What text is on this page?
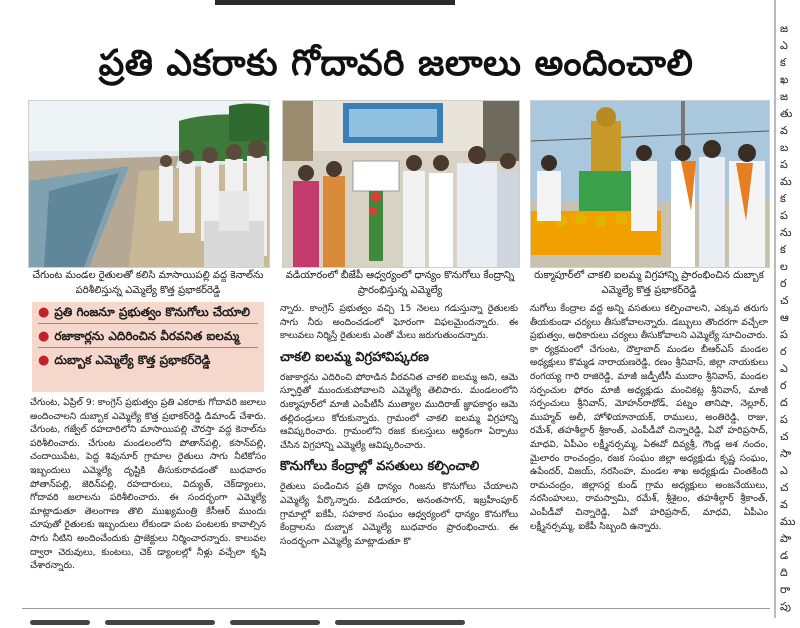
ప్రతి ఎకరాకు గోదావరి జలాలు అందించాలి
చేగుంట మండల రైతులతో కలిసి మాసాయిపల్లి వద్ద కెనాల్‌ను పరిశీలిస్తున్న ఎమ్మెల్యే కొత్త ప్రభాకర్‌రెడ్డి
వడియారంలో బీజేపీ ఆధ్వర్యంలో ధాన్యం కొనుగోలు కేంద్రాన్ని ప్రారంభిస్తున్న ఎమ్మెల్యే
రుక్మాపూర్‌లో చాకలి ఐలమ్మ విగ్రహాన్ని ప్రారంభించిన దుబ్బాక ఎమ్మెల్యే కొత్త ప్రభాకర్‌రెడ్డి
● ప్రతి గింజనూ ప్రభుత్వం కొనుగోలు చేయాలి
● రజాకార్లను ఎదిరించిన వీరవనిత ఐలమ్మ
● దుబ్బాక ఎమ్మెల్యే కొత్త ప్రభాకర్‌రెడ్డి

చేగుంట, ఏప్రిల్‌ 9: కాంగ్రెస్‌ ప్రభుత్వం ప్రతి ఎకరాకు గోదావరి జలాలు అందించాలని దుబ్బాక ఎమ్మెల్యే కొత్త ప్రభాకర్‌రెడ్డి డిమాండ్‌ చేశారు. చేగుంట, గజ్వేల్‌ రహదారిలోని మాసాయిపల్లి చౌరస్తా వద్ద కెనాల్‌ను పరిశీలించారు. చేగుంట మండలంలోని పోతాన్‌పల్లి, కసాన్‌పల్లి, చందాయిపేట, పెద్ద శివునూర్‌ గ్రామాల రైతులు సాగు నీటికోసం ఇబ్బందులు ఎమ్మెల్యే దృష్టికి తీసుకురావడంతో బుధవారం పోతాన్‌పల్లి, జెరిన్‌పల్లి, రహదారులు, విద్యుత్‌, చెక్‌డ్యాంలు, గోదావరి జలాలను పరిశీలించారు. ఈ సందర్భంగా ఎమ్మెల్యే మాట్లాడుతూ తెలంగాణ తొలి ముఖ్యమంత్రి కేసీఆర్‌ ముందు చూపుతో రైతులకు ఇబ్బందులు లేకుండా పంట పంటలకు కావాల్సిన సాగు నీటిని అందించేందుకు ప్రాజెక్టులు నిర్మించారన్నారు. కాలువల ద్వారా చెరువులు, కుంటలు, చెక్‌ డ్యాంలల్లో నీళ్లు వచ్చేలా కృషి చేశారన్నారు.

న్నారు. కాంగ్రెస్‌ ప్రభుత్వం వచ్చి 15 నెలలు గడుస్తున్నా రైతులకు సాగు నీరు అందించడంలో ఘోరంగా విఫలమైందన్నారు. ఈ కాలువలు నిర్మిస్తే రైతులకు ఎంతో మేలు జరుగుతుందన్నారు.

చాకలి ఐలమ్మ విగ్రహావిష్కరణ

రజాకార్లను ఎదిరించి పోరాడిన వీరవనిత చాకలి ఐలమ్మ అని, ఆమె స్ఫూర్తితో ముందుకుపోవాలని ఎమ్మెల్యే తెలిపారు. మండలంలోని రుక్మాపూర్‌లో మాజీ ఎంపీటీసీ ముత్యాల ముదిరాజ్‌ జ్ఞాపకార్థం ఆమె తల్లిదండ్రులు కోరుకున్నారు. గ్రామంలో చాకలి ఐలమ్మ విగ్రహాన్ని ఆవిష్కరించారు. గ్రామంలోని రజక కులస్తులు ఆర్థికంగా ఏర్పాటు చేసిన విగ్రహాన్ని ఎమ్మెల్యే ఆవిష్కరించారు.

కొనుగోలు కేంద్రాల్లో వసతులు కల్పించాలి

రైతులు పండించిన ప్రతి ధాన్యం గింజను కొనుగోలు చేయాలని ఎమ్మెల్యే పేర్కొన్నారు. వడియారం, అనంతసాగర్‌, ఇబ్రహీంపూర్‌ గ్రామాల్లో ఐకేపీ, సహకార సంఘం ఆధ్వర్యంలో ధాన్యం కొనుగోలు కేంద్రాలను దుబ్బాక ఎమ్మెల్యే బుధవారం ప్రారంభించారు. ఈ సందర్భంగా ఎమ్మెల్యే మాట్లాడుతూ కొ

నుగోలు కేంద్రాల వద్ద అన్ని వసతులు కల్పించాలని, ఎక్కువ తరుగు తీయకుండా చర్యలు తీసుకోవాలన్నారు. డబ్బులు తొందరగా వచ్చేలా ప్రభుత్వం, అధికారులు చర్యలు తీసుకోవాలని ఎమ్మెల్యే సూచించారు. కా ర్యక్రమంలో చేగుంట, దౌల్తాబాద్‌ మండల బీఆర్‌ఎస్‌ మండల అధ్యక్షులు కొమ్మడ నారాయణరెడ్డి, రణం శ్రీనివాస్‌, జిల్లా నాయకులు రంగయ్య గారి రాజిరెడ్డి, మాజీ జడ్పీటీసీ ముదాం శ్రీనివాస్‌, మండల సర్పంచుల ఫోరం మాజీ అధ్యక్షుడు మంచికట్ల శ్రీనివాస్‌, మాజీ సర్పంచులు శ్రీనివాస్‌, మోహన్‌రాథోడ్‌, పట్నం తానిషా, నెల్లూర్‌, ముహ్మద్‌ అలీ, హోళియానాయక్‌, రాములు, అంతిరెడ్డి, రాజు, రమేశ్‌, తహశీల్దార్‌ శ్రీకాంత్‌, ఎంపీడీవో చిన్నారెడ్డి, ఏవో హరిప్రసాద్‌, మాధవి, ఏపీఎం లక్ష్మీనర్సమ్మ, ఏఈవో దివ్యశ్రీ, గౌండ్ల అశ నందం, మైలారం రాంచంద్రం, రజక సంఘం జిల్లా అధ్యక్షుడు కృష్ణ సంఘం, ఉపేందర్‌, విజయ్‌, నరసింహ, మండల శాఖ అధ్యక్షుడు చింతకింది రామచంద్రం, జిల్లాసర్ల కుండ్‌ గ్రామ అధ్యక్షులు అంజనేయులు, నరసింహులు, రామస్వామి, రమేశ్‌, శ్రీశైలం, తహశీల్దార్‌ శ్రీకాంత్‌, ఎంపీడీవో చిన్నారెడ్డి, ఏవో హరిప్రసాద్‌, మాధవి, ఏపీఎం లక్ష్మీనర్సమ్మ, ఐకేపీ సిబ్బంది ఉన్నారు.

జ
ఎ
క
ఖ
జ
తు
వ
బ
ప
మ
క
ప
ను
క
ల
ర
చ
ఆ
ప
ర
ఎ
ర
ద
ప
చ
సా
ఎ
చ
వ
ము
పా
డ
ది
రా
పు
